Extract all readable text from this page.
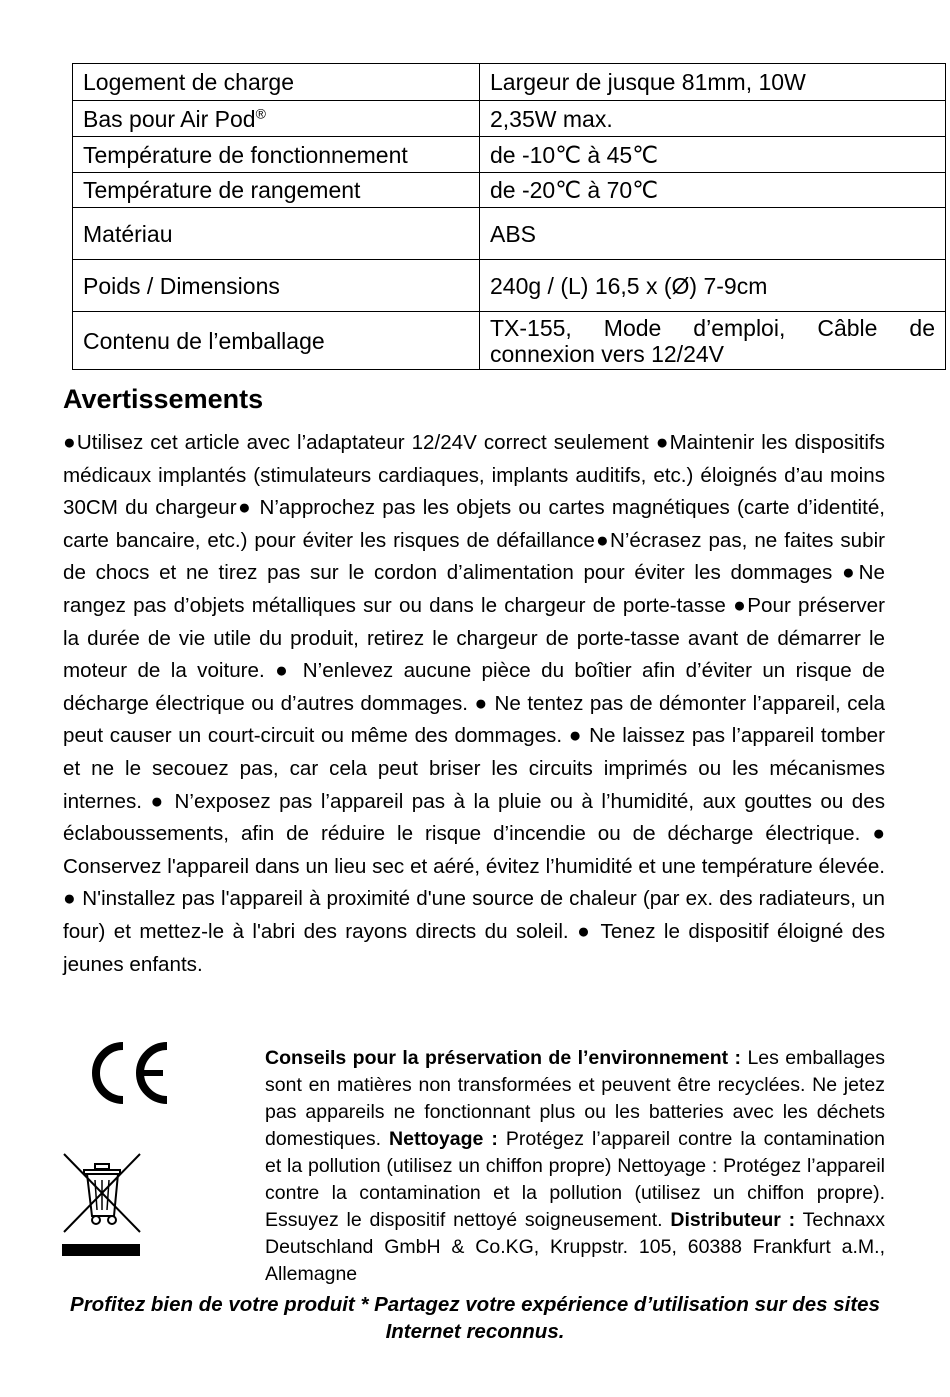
Logement de charge	Largeur de jusque 81mm, 10W
Bas pour Air Pod®	2,35W max.
Température de fonctionnement	de -10℃ à 45℃
Température de rangement	de -20℃ à 70℃
Matériau	ABS
Poids / Dimensions	240g / (L) 16,5 x (Ø) 7-9cm
Contenu de l’emballage	TX-155, Mode d’emploi, Câble de connexion vers 12/24V
Avertissements

●Utilisez cet article avec l’adaptateur 12/24V correct seulement ●Maintenir les dispositifs médicaux implantés (stimulateurs cardiaques, implants auditifs, etc.) éloignés d’au moins 30CM du chargeur● N’approchez pas les objets ou cartes magnétiques (carte d’identité, carte bancaire, etc.) pour éviter les risques de défaillance●N’écrasez pas, ne faites subir de chocs et ne tirez pas sur le cordon d’alimentation pour éviter les dommages ●Ne rangez pas d’objets métalliques sur ou dans le chargeur de porte-tasse ●Pour préserver la durée de vie utile du produit, retirez le chargeur de porte-tasse avant de démarrer le moteur de la voiture. ● N’enlevez aucune pièce du boîtier afin d’éviter un risque de décharge électrique ou d’autres dommages. ● Ne tentez pas de démonter l’appareil, cela peut causer un court-circuit ou même des dommages. ● Ne laissez pas l’appareil tomber et ne le secouez pas, car cela peut briser les circuits imprimés ou les mécanismes internes. ● N’exposez pas l’appareil pas à la pluie ou à l’humidité, aux gouttes ou des éclaboussements, afin de réduire le risque d’incendie ou de décharge électrique. ● Conservez l'appareil dans un lieu sec et aéré, évitez l’humidité et une température élevée. ● N'installez pas l'appareil à proximité d'une source de chaleur (par ex. des radiateurs, un four) et mettez-le à l'abri des rayons directs du soleil. ● Tenez le dispositif éloigné des jeunes enfants.

Conseils pour la préservation de l’environnement : Les emballages sont en matières non transformées et peuvent être recyclées. Ne jetez pas appareils ne fonctionnant plus ou les batteries avec les déchets domestiques. Nettoyage : Protégez l’appareil contre la contamination et la pollution (utilisez un chiffon propre) Nettoyage : Protégez l’appareil contre la contamination et la pollution (utilisez un chiffon propre). Essuyez le dispositif nettoyé soigneusement. Distributeur : Technaxx Deutschland GmbH & Co.KG, Kruppstr. 105, 60388 Frankfurt a.M., Allemagne

Profitez bien de votre produit * Partagez votre expérience d’utilisation sur des sites Internet reconnus.
